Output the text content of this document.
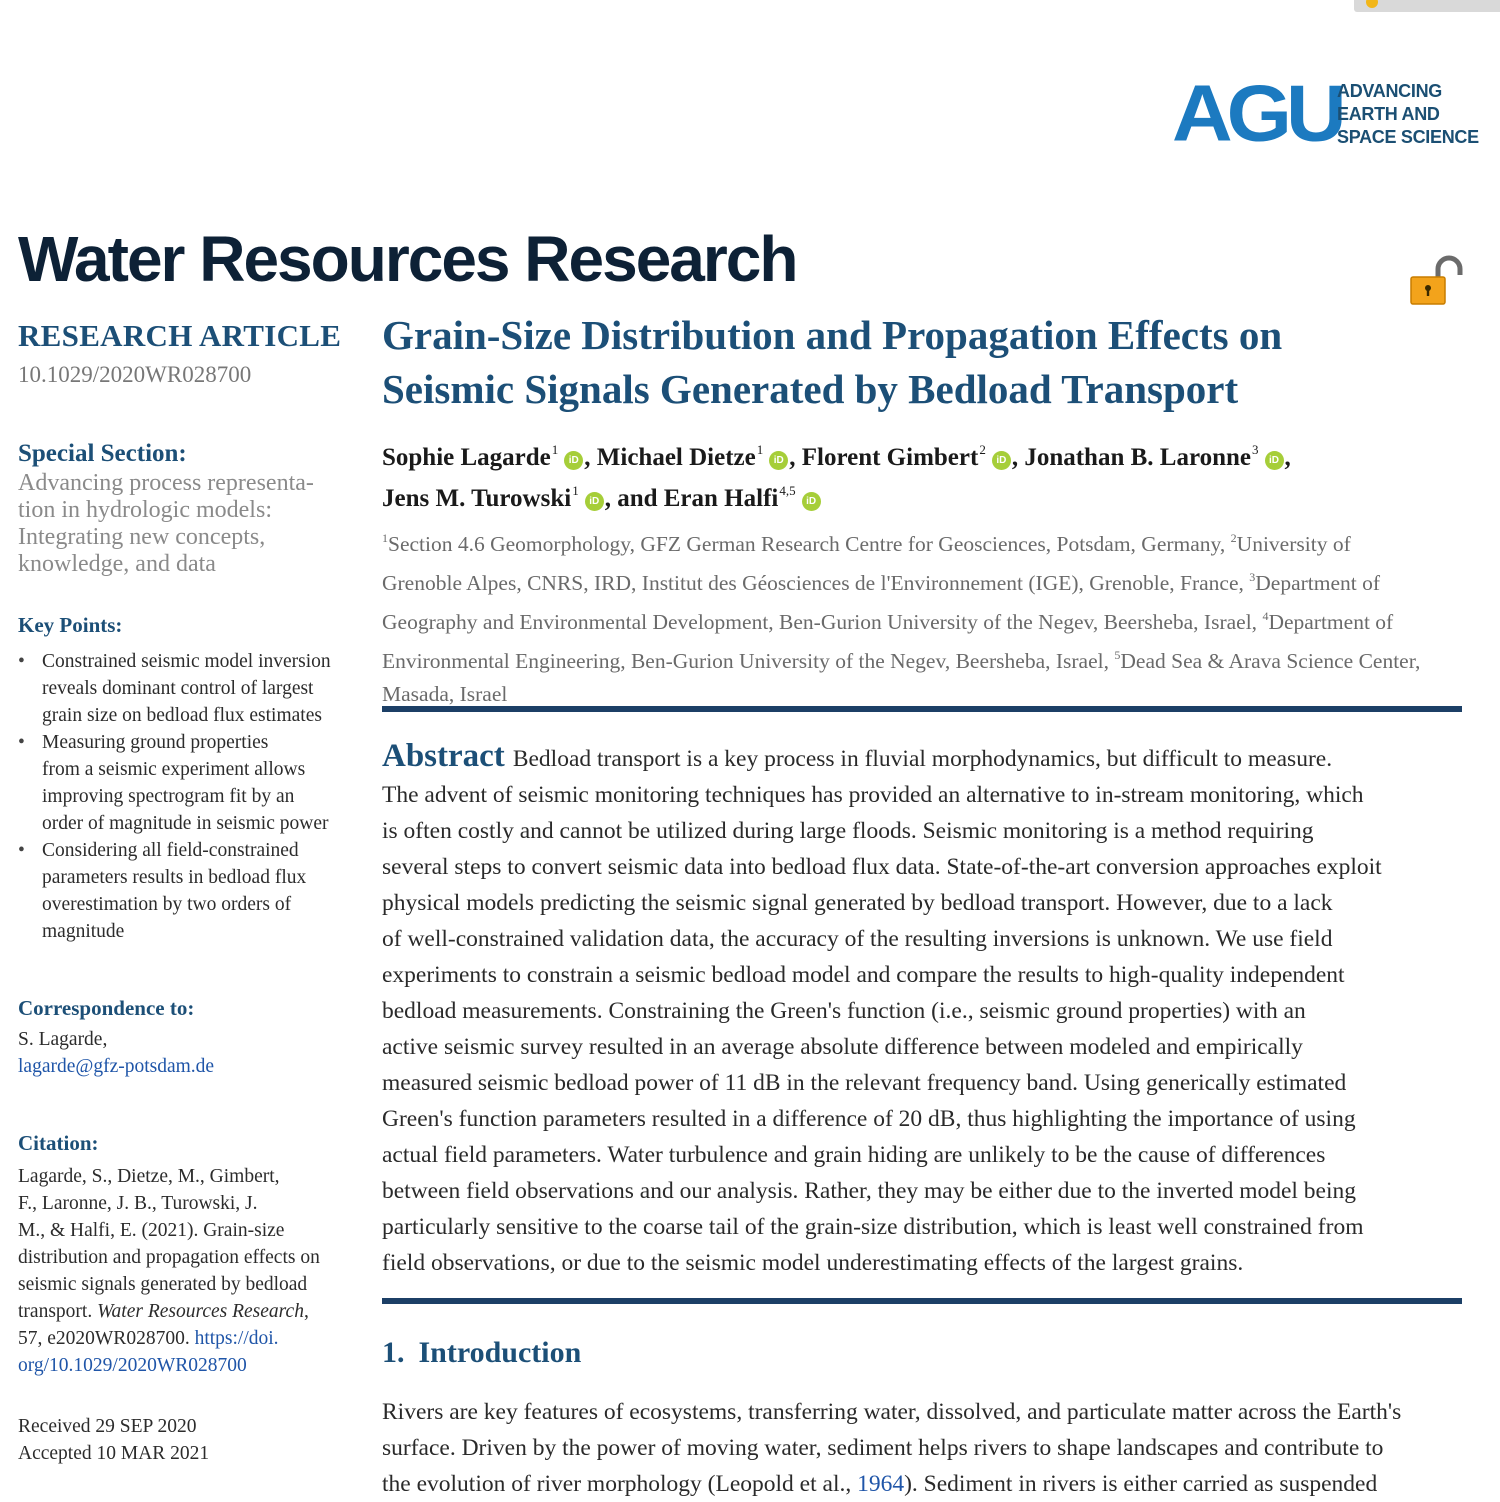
AGU
ADVANCING
EARTH AND
SPACE SCIENCE
Water Resources Research
RESEARCH ARTICLE
10.1029/2020WR028700
Special Section:
Advancing process representa-
tion in hydrologic models:
Integrating new concepts,
knowledge, and data
Key Points:
• Constrained seismic model inversion
reveals dominant control of largest
grain size on bedload flux estimates
• Measuring ground properties
from a seismic experiment allows
improving spectrogram fit by an
order of magnitude in seismic power
• Considering all field-constrained
parameters results in bedload flux
overestimation by two orders of
magnitude
Correspondence to:
S. Lagarde,
lagarde@gfz-potsdam.de
Citation:
Lagarde, S., Dietze, M., Gimbert,
F., Laronne, J. B., Turowski, J.
M., & Halfi, E. (2021). Grain-size
distribution and propagation effects on
seismic signals generated by bedload
transport. Water Resources Research,
57, e2020WR028700. https://doi.
org/10.1029/2020WR028700
Received 29 SEP 2020
Accepted 10 MAR 2021
Grain-Size Distribution and Propagation Effects on
Seismic Signals Generated by Bedload Transport
Sophie Lagarde$^1$iD , Michael Dietze$^1$iD , Florent Gimbert$^2$iD , Jonathan B. Laronne$^3$iD ,
Jens M. Turowski$^1$iD , and Eran Halfi$^{4,5}$iD
$^1$Section 4.6 Geomorphology, GFZ German Research Centre for Geosciences, Potsdam, Germany, $^2$University of
Grenoble Alpes, CNRS, IRD, Institut des Géosciences de l'Environnement (IGE), Grenoble, France, $^3$Department of
Geography and Environmental Development, Ben-Gurion University of the Negev, Beersheba, Israel, $^4$Department of
Environmental Engineering, Ben-Gurion University of the Negev, Beersheba, Israel, $^5$Dead Sea & Arava Science Center,
Masada, Israel
Abstract Bedload transport is a key process in fluvial morphodynamics, but difficult to measure.
The advent of seismic monitoring techniques has provided an alternative to in-stream monitoring, which
is often costly and cannot be utilized during large floods. Seismic monitoring is a method requiring
several steps to convert seismic data into bedload flux data. State-of-the-art conversion approaches exploit
physical models predicting the seismic signal generated by bedload transport. However, due to a lack
of well-constrained validation data, the accuracy of the resulting inversions is unknown. We use field
experiments to constrain a seismic bedload model and compare the results to high-quality independent
bedload measurements. Constraining the Green's function (i.e., seismic ground properties) with an
active seismic survey resulted in an average absolute difference between modeled and empirically
measured seismic bedload power of 11 dB in the relevant frequency band. Using generically estimated
Green's function parameters resulted in a difference of 20 dB, thus highlighting the importance of using
actual field parameters. Water turbulence and grain hiding are unlikely to be the cause of differences
between field observations and our analysis. Rather, they may be either due to the inverted model being
particularly sensitive to the coarse tail of the grain-size distribution, which is least well constrained from
field observations, or due to the seismic model underestimating effects of the largest grains.
1. Introduction
Rivers are key features of ecosystems, transferring water, dissolved, and particulate matter across the Earth's
surface. Driven by the power of moving water, sediment helps rivers to shape landscapes and contribute to
the evolution of river morphology (Leopold et al., 1964). Sediment in rivers is either carried as suspended
